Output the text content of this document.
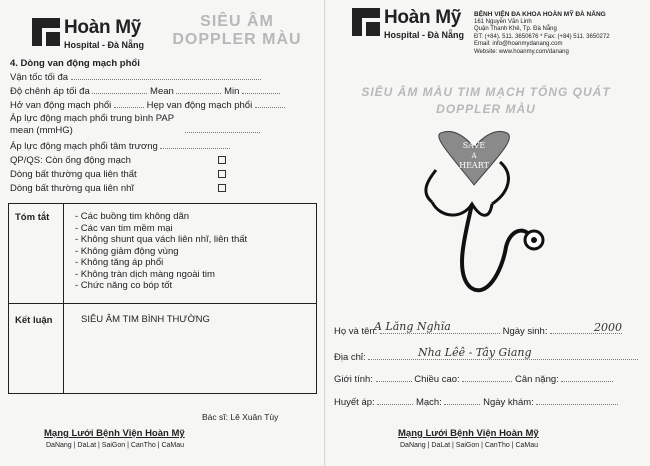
Hoàn Mỹ
Hospital - Đà Nẵng
SIÊU ÂM
DOPPLER MÀU
4. Dòng van động mạch phổi
Vận tốc tối đa
Độ chênh áp tối đa	Mean	Min
Hở van động mạch phổi	Hẹp van động mạch phổi
Áp lực động mạch phổi trung bình PAP
mean (mmHG)
Áp lực động mạch phổi tâm trương
QP/QS: Còn ống động mạch
Dòng bất thường qua liên thất
Dòng bất thường qua liên nhĩ
Tóm tắt	- Các buồng tim không dãn
- Các van tim mềm mại
- Không shunt qua vách liên nhĩ, liên thất
- Không giảm động vùng
- Không tăng áp phổi
- Không tràn dịch màng ngoài tim
- Chức năng co bóp tốt
Kết luận	SIÊU ÂM TIM BÌNH THƯỜNG
Bác sĩ: Lê Xuân Tùy
Mạng Lưới Bệnh Viện Hoàn Mỹ
DaNang | DaLat | SaiGon | CanTho | CaMau
Hoàn Mỹ
Hospital - Đà Nẵng
BỆNH VIỆN ĐA KHOA HOÀN MỸ ĐÀ NẴNG
161 Nguyễn Văn Linh
Quận Thanh Khê, Tp. Đà Nẵng
ĐT: (+84). 511. 3650676 * Fax: (+84) 511. 3650272
Email: info@hoanmydanang.com
Website: www.hoanmy.com/danang
SIÊU ÂM MÀU TIM MẠCH TỔNG QUÁT
DOPPLER MÀU
SAVE
A
HEART
Họ và tên:	Ngày sinh:
A Lăng Nghĩa	2000
Địa chỉ:	Nha Lêê - Tây Giang
Giới tính:	Chiều cao:	Cân nặng:
Huyết áp:	Mạch:	Ngày khám:
Mạng Lưới Bệnh Viện Hoàn Mỹ
DaNang | DaLat | SaiGon | CanTho | CaMau
